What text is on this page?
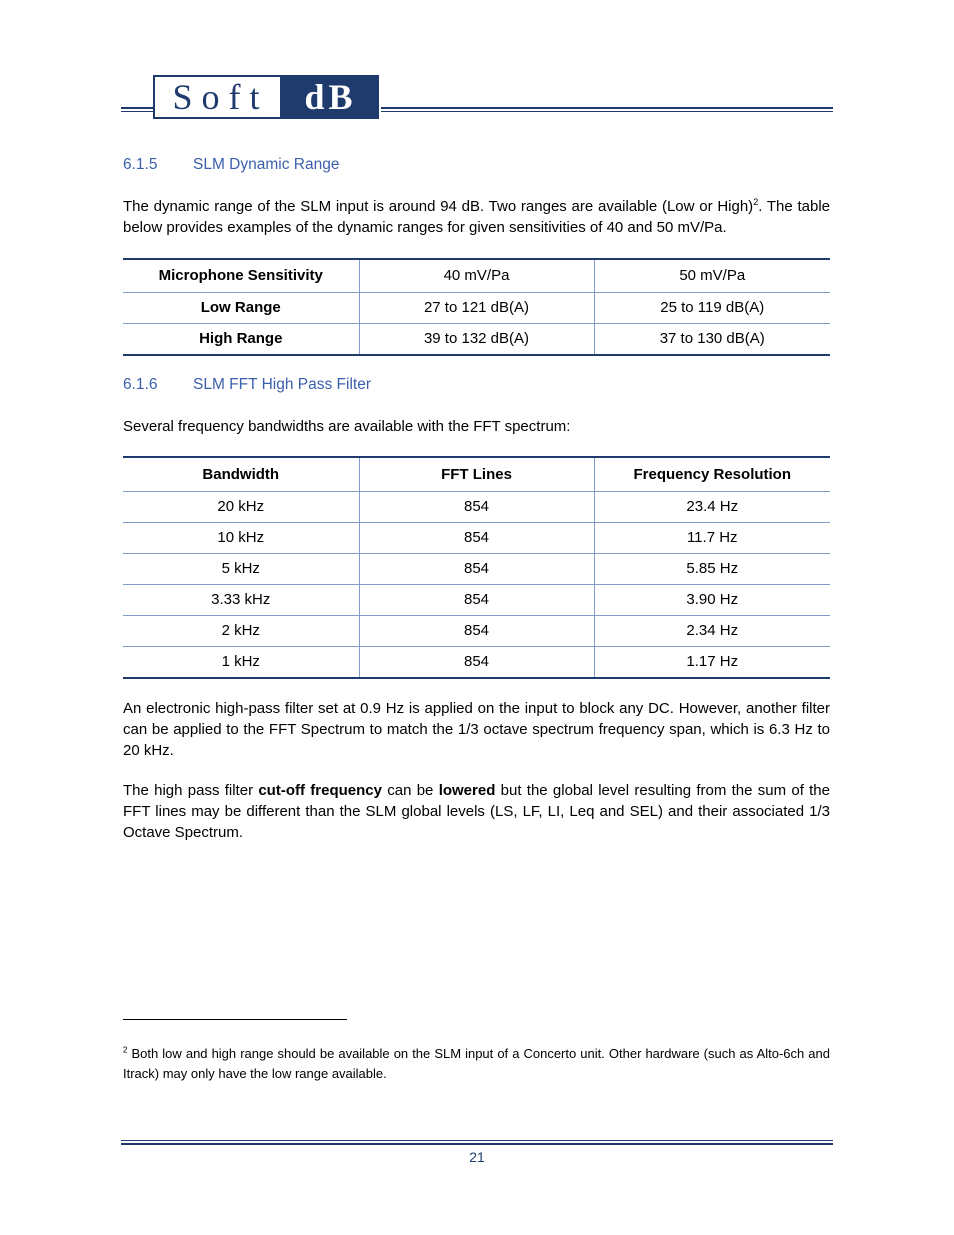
Soft dB
6.1.5 SLM Dynamic Range

The dynamic range of the SLM input is around 94 dB. Two ranges are available (Low or High)$^2$. The table below provides examples of the dynamic ranges for given sensitivities of 40 and 50 mV/Pa.

Microphone Sensitivity	40 mV/Pa	50 mV/Pa
Low Range	27 to 121 dB(A)	25 to 119 dB(A)
High Range	39 to 132 dB(A)	37 to 130 dB(A)
6.1.6 SLM FFT High Pass Filter

Several frequency bandwidths are available with the FFT spectrum:

Bandwidth	FFT Lines	Frequency Resolution
20 kHz	854	23.4 Hz
10 kHz	854	11.7 Hz
5 kHz	854	5.85 Hz
3.33 kHz	854	3.90 Hz
2 kHz	854	2.34 Hz
1 kHz	854	1.17 Hz

An electronic high-pass filter set at 0.9 Hz is applied on the input to block any DC. However, another filter can be applied to the FFT Spectrum to match the 1/3 octave spectrum frequency span, which is 6.3 Hz to 20 kHz.

The high pass filter cut-off frequency can be lowered but the global level resulting from the sum of the FFT lines may be different than the SLM global levels (LS, LF, LI, Leq and SEL) and their associated 1/3 Octave Spectrum.

$^2$ Both low and high range should be available on the SLM input of a Concerto unit. Other hardware (such as Alto-6ch and Itrack) may only have the low range available.

21
